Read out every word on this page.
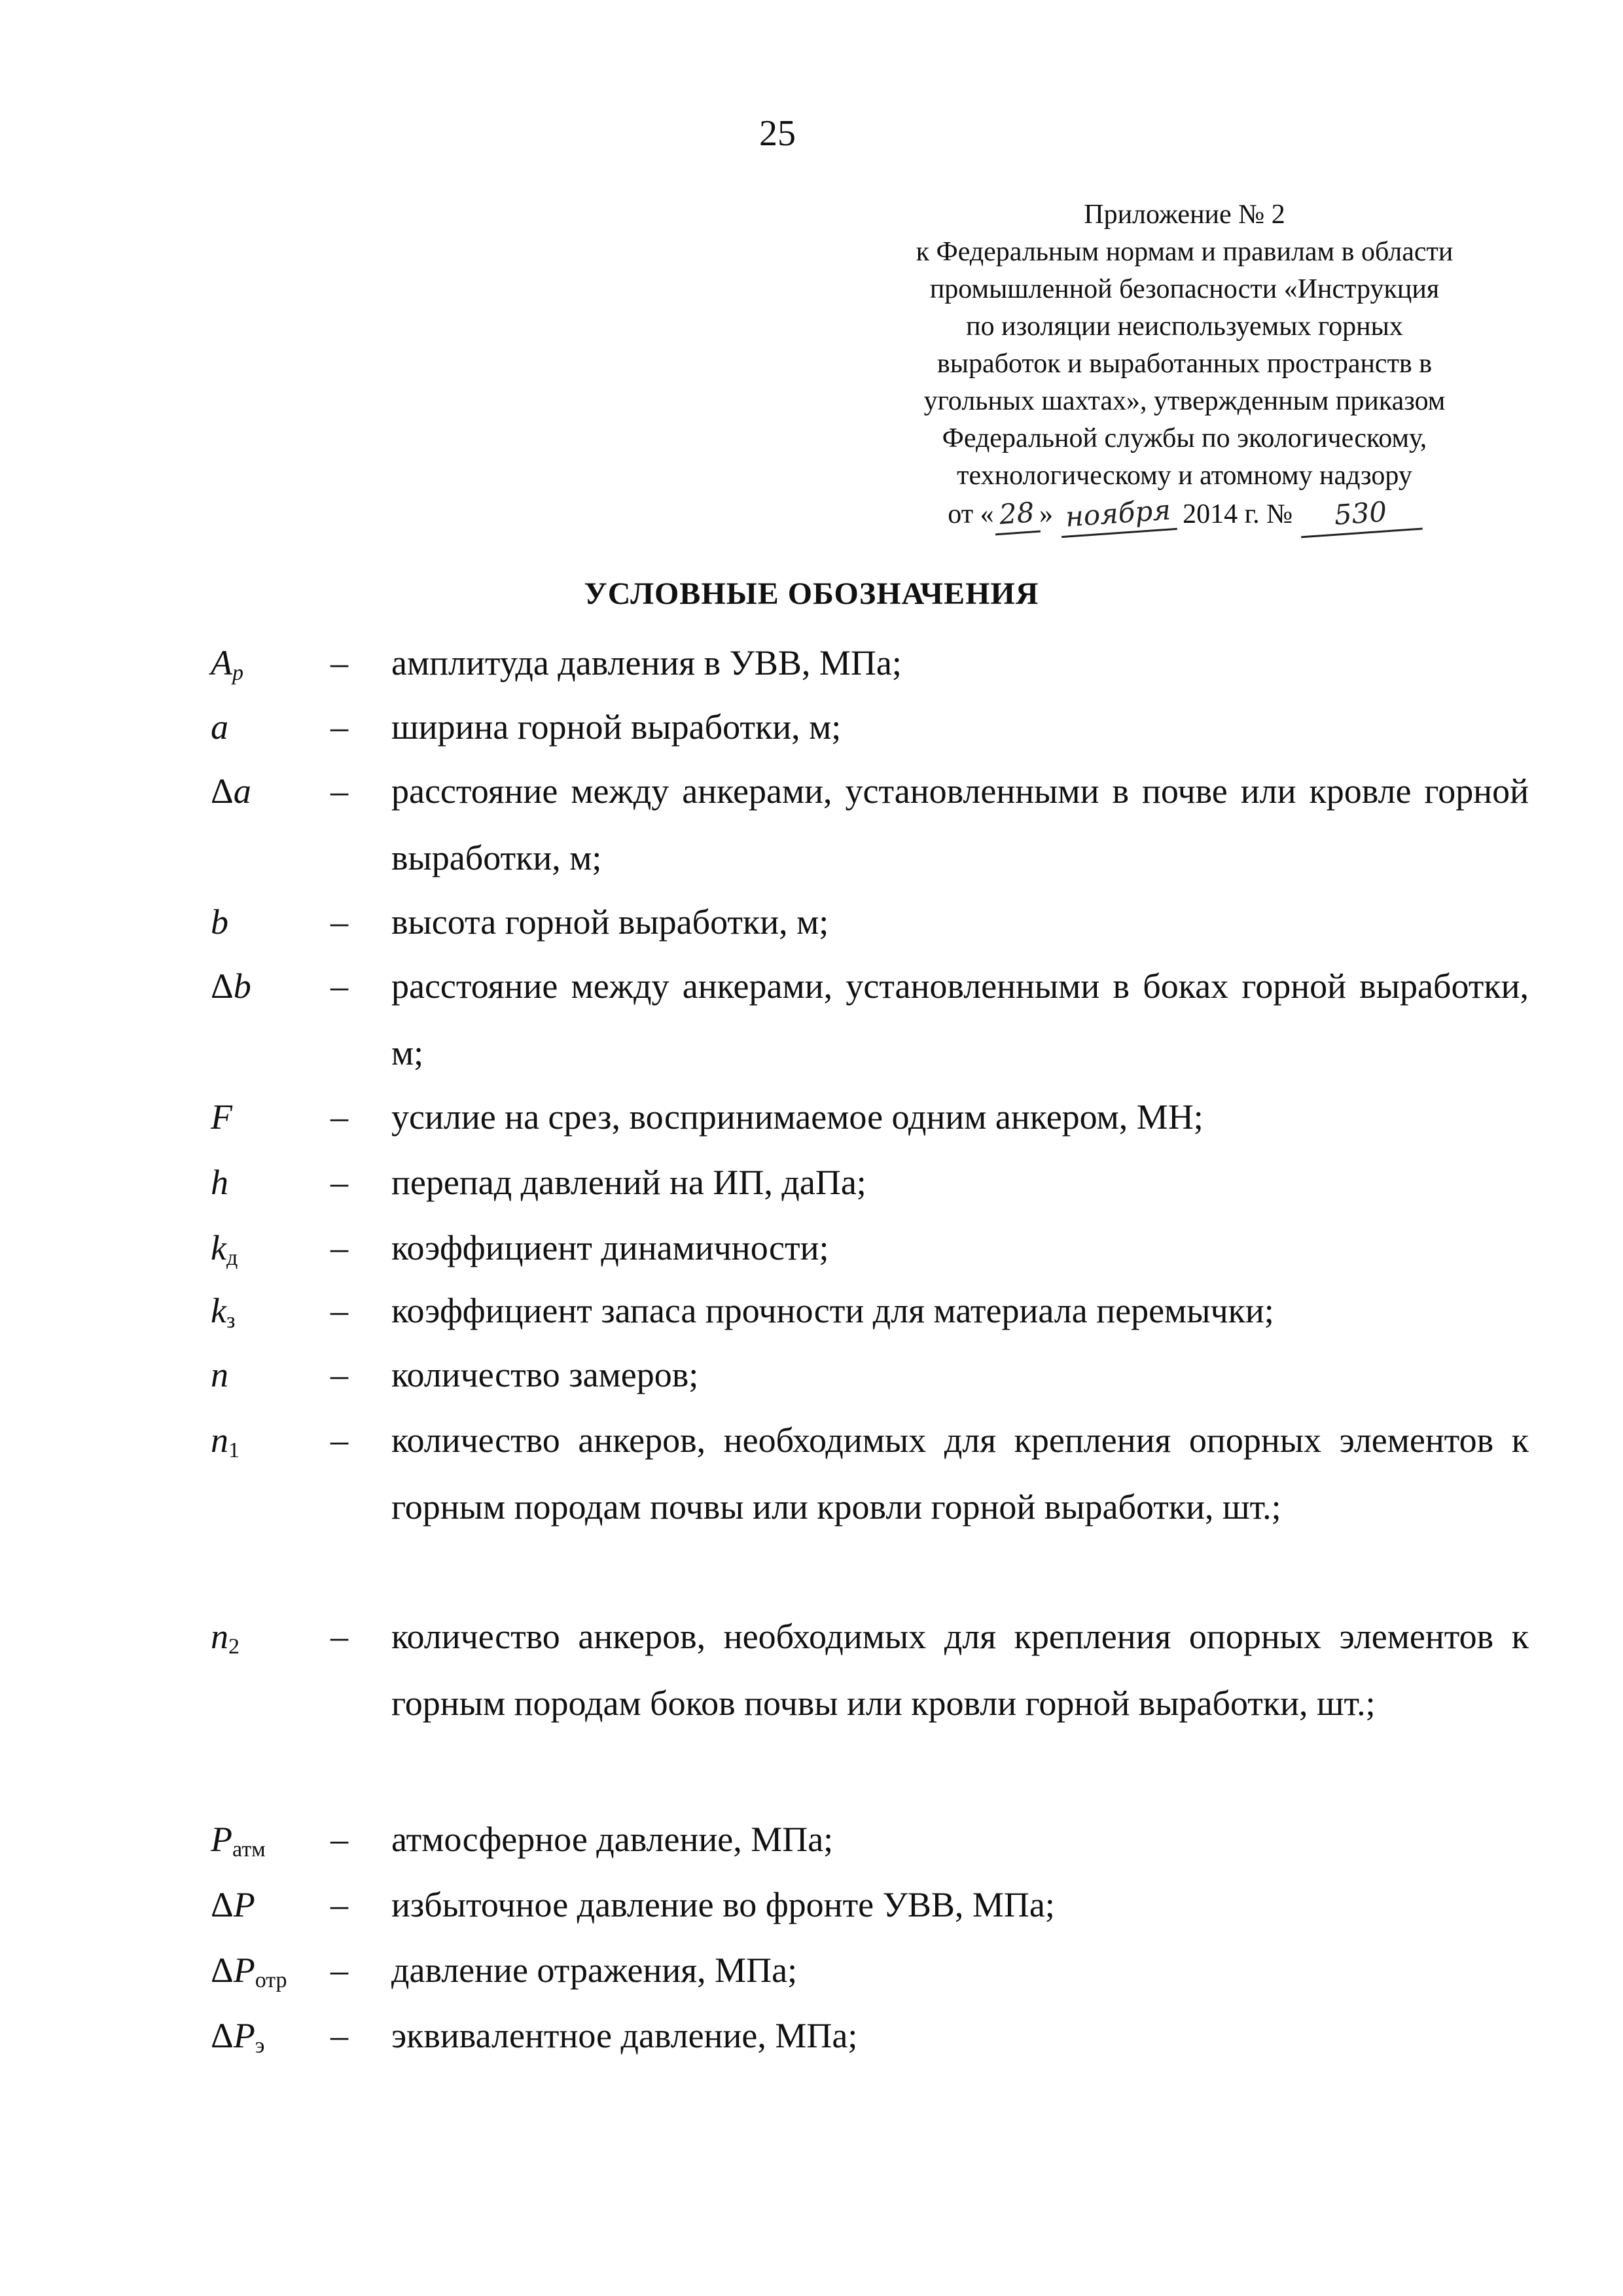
25
Приложение № 2
к Федеральным нормам и правилам в области
промышленной безопасности «Инструкция
по изоляции неиспользуемых горных
выработок и выработанных пространств в
угольных шахтах», утвержденным приказом
Федеральной службы по экологическому,
технологическому и атомному надзору
от « 28 » ноября 2014 г. № 530
УСЛОВНЫЕ ОБОЗНАЧЕНИЯ
$A_p$	– амплитуда давления в УВВ, МПа;
a	– ширина горной выработки, м;
Δa	– расстояние между анкерами, установленными в почве или кровле горной выработки, м;
b	– высота горной выработки, м;
Δb	– расстояние между анкерами, установленными в боках горной выработки, м;
F	– усилие на срез, воспринимаемое одним анкером, МН;
h	– перепад давлений на ИП, даПа;
$k_д$	– коэффициент динамичности;
$k_з$	– коэффициент запаса прочности для материала перемычки;
n	– количество замеров;
$n_1$	– количество анкеров, необходимых для крепления опорных элементов к горным породам почвы или кровли горной выработки, шт.;
$n_2$	– количество анкеров, необходимых для крепления опорных элементов к горным породам боков почвы или кровли горной выработки, шт.;
$P_{атм}$	– атмосферное давление, МПа;
ΔP	– избыточное давление во фронте УВВ, МПа;
$\Delta P_{отр}$	– давление отражения, МПа;
$\Delta P_э$	– эквивалентное давление, МПа;
